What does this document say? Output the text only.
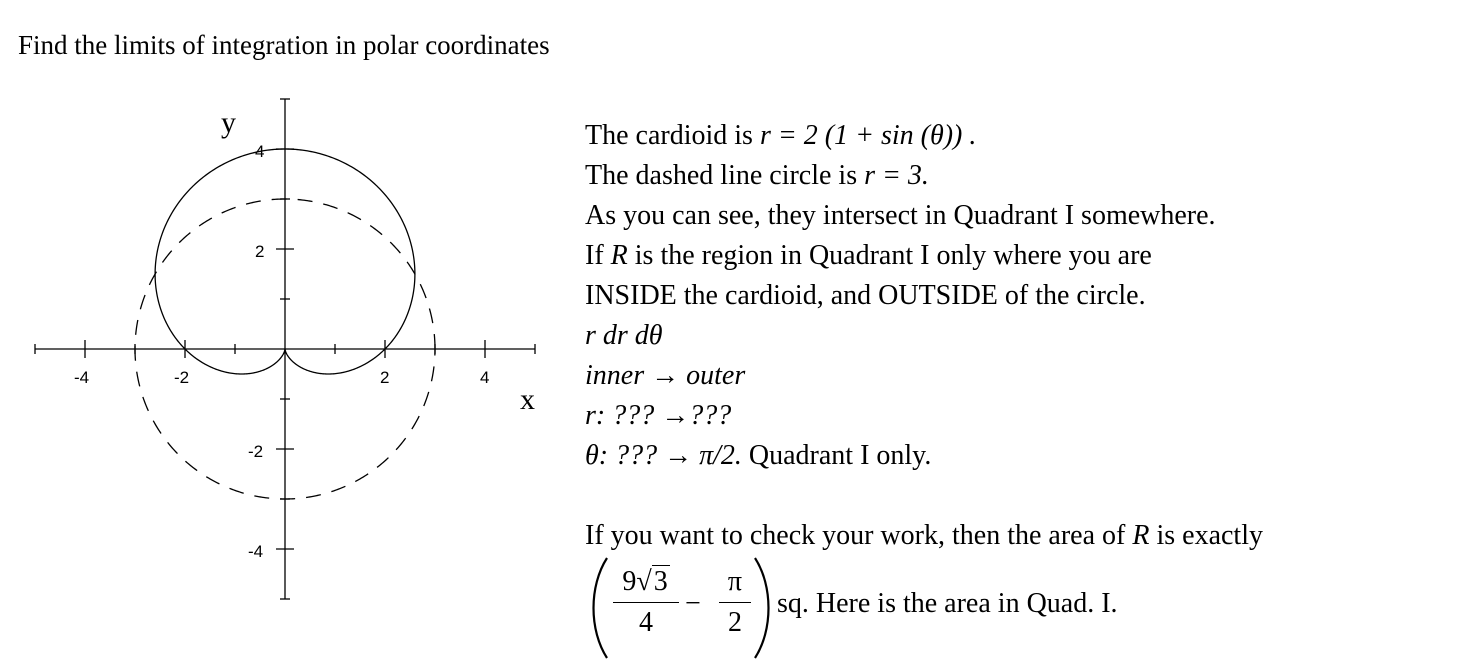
Find the limits of integration in polar coordinates
-4	-2	2	4
4
2
-2
-4
x
y	The cardioid is r = 2 (1 + sin (θ)) .
The dashed line circle is r = 3.
As you can see, they intersect in Quadrant I somewhere.
If R is the region in Quadrant I only where you are
INSIDE the cardioid, and OUTSIDE of the circle.
r dr dθ
inner → outer
r: ??? →???
θ: ??? → π/2. Quadrant I only.
If you want to check your work, then the area of R is exactly
9√3
4
−
π
2
sq. Here is the area in Quad. I.
